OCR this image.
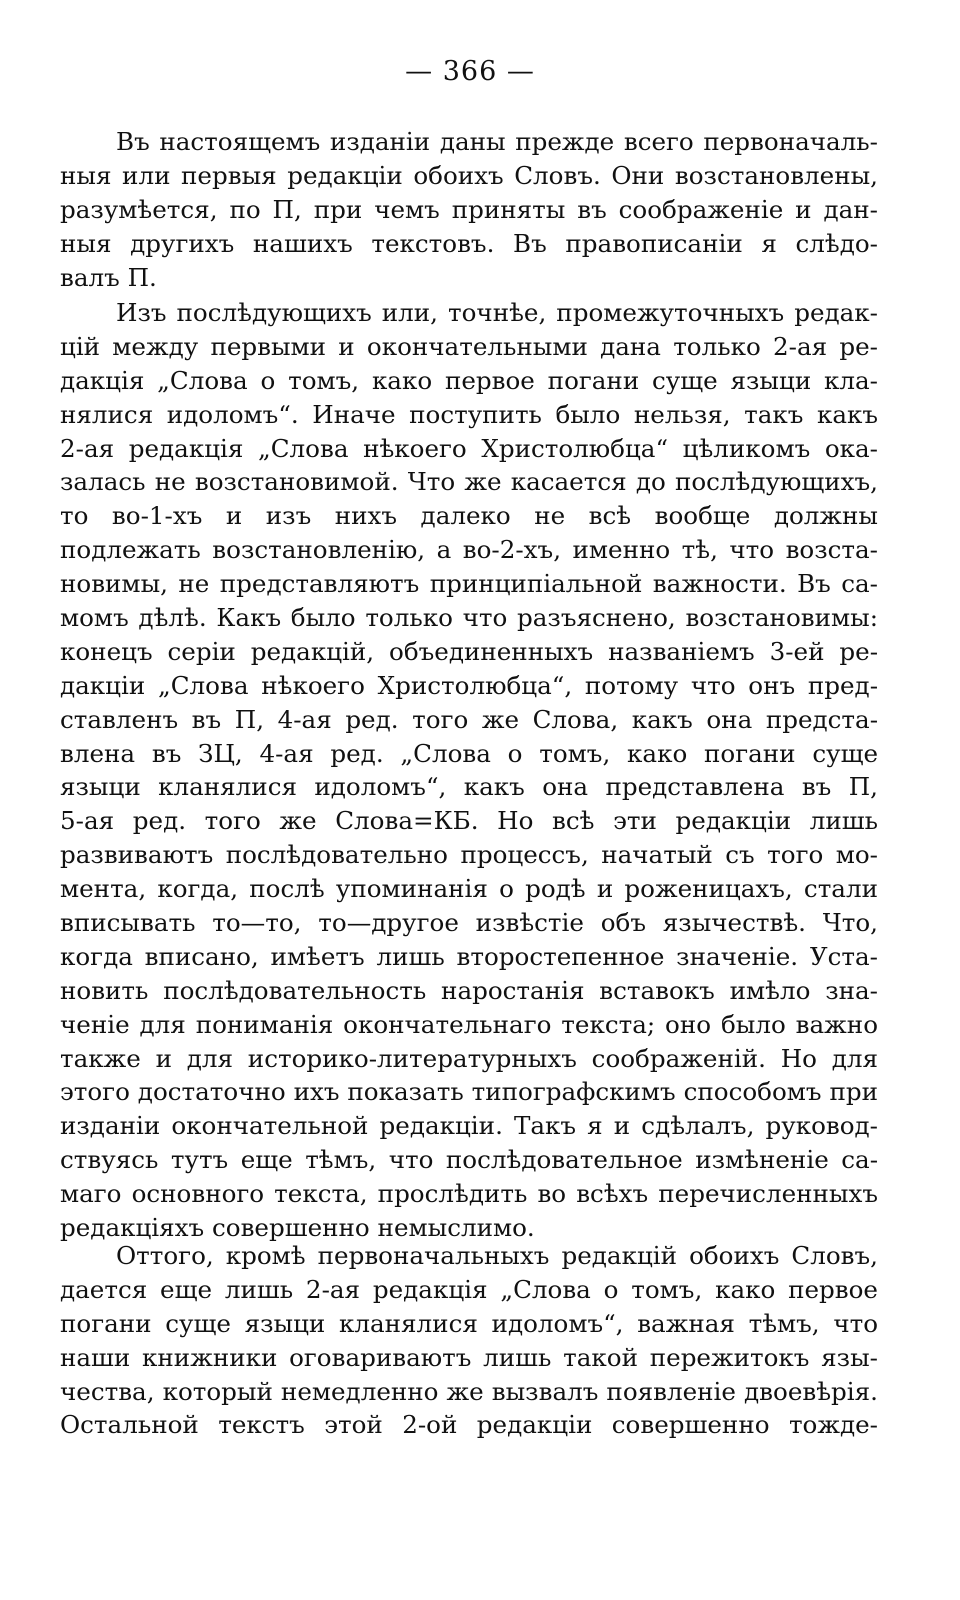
— 366 —
Въ настоящемъ изданіи даны прежде всего первоначаль-
ныя или первыя редакціи обоихъ Словъ. Они возстановлены,
разумѣется, по П, при чемъ приняты въ соображеніе и дан-
ныя другихъ нашихъ текстовъ. Въ правописаніи я слѣдо-
валъ П.
Изъ послѣдующихъ или, точнѣе, промежуточныхъ редак-
цій между первыми и окончательными дана только 2-ая ре-
дакція „Слова о томъ, како первое погани суще языци кла-
нялися идоломъ“. Иначе поступить было нельзя, такъ какъ
2-ая редакція „Слова нѣкоего Христолюбца“ цѣликомъ ока-
залась не возстановимой. Что же касается до послѣдующихъ,
то во-1-хъ и изъ нихъ далеко не всѣ вообще должны
подлежать возстановленію, а во-2-хъ, именно тѣ, что возста-
новимы, не представляютъ принципіальной важности. Въ са-
момъ дѣлѣ. Какъ было только что разъяснено, возстановимы:
конецъ серіи редакцій, объединенныхъ названіемъ 3-ей ре-
дакціи „Слова нѣкоего Христолюбца“, потому что онъ пред-
ставленъ въ П, 4-ая ред. того же Слова, какъ она предста-
влена въ ЗЦ, 4-ая ред. „Слова о томъ, како погани суще
языци кланялися идоломъ“, какъ она представлена въ П,
5-ая ред. того же Слова=КБ. Но всѣ эти редакціи лишь
развиваютъ послѣдовательно процессъ, начатый съ того мо-
мента, когда, послѣ упоминанія о родѣ и роженицахъ, стали
вписывать то—то, то—другое извѣстіе объ язычествѣ. Что,
когда вписано, имѣетъ лишь второстепенное значеніе. Уста-
новить послѣдовательность наростанія вставокъ имѣло зна-
ченіе для пониманія окончательнаго текста; оно было важно
также и для историко-литературныхъ соображеній. Но для
этого достаточно ихъ показать типографскимъ способомъ при
изданіи окончательной редакціи. Такъ я и сдѣлалъ, руковод-
ствуясь тутъ еще тѣмъ, что послѣдовательное измѣненіе са-
маго основного текста, прослѣдить во всѣхъ перечисленныхъ
редакціяхъ совершенно немыслимо.
Оттого, кромѣ первоначальныхъ редакцій обоихъ Словъ,
дается еще лишь 2-ая редакція „Слова о томъ, како первое
погани суще языци кланялися идоломъ“, важная тѣмъ, что
наши книжники оговариваютъ лишь такой пережитокъ язы-
чества, который немедленно же вызвалъ появленіе двоевѣрія.
Остальной текстъ этой 2-ой редакціи совершенно тожде-
